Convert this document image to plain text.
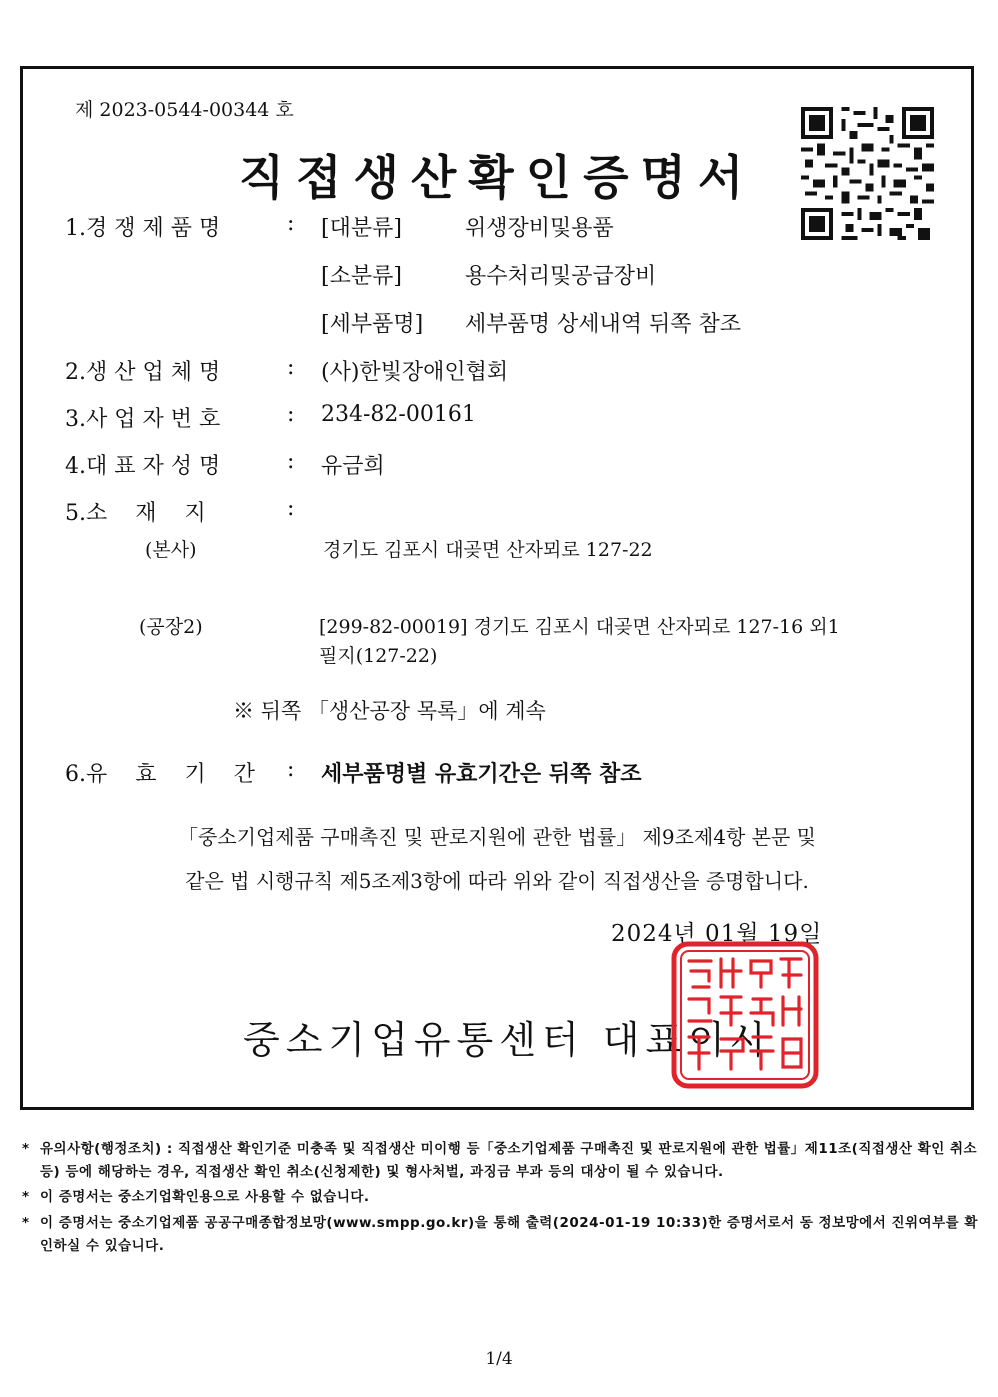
제 2023-0544-00344 호
직접생산확인증명서
1.경 쟁 제 품 명	: [대분류]	위생장비및용품
[소분류]	용수처리및공급장비
[세부품명] 세부품명 상세내역 뒤쪽 참조
2.생 산 업 체 명	: (사)한빛장애인협회
3.사 업 자 번 호	: 234-82-00161
4.대 표 자 성 명	: 유금희
5.소    재    지	:
(본사)	경기도 김포시 대곶면 산자뫼로 127-22
(공장2)	[299-82-00019] 경기도 김포시 대곶면 산자뫼로 127-16 외1
필지(127-22)
※ 뒤쪽 「생산공장 목록」에 계속
6.유    효    기    간 : 세부품명별 유효기간은 뒤쪽 참조
「중소기업제품 구매촉진 및 판로지원에 관한 법률」 제9조제4항 본문 및
같은 법 시행규칙 제5조제3항에 따라 위와 같이 직접생산을 증명합니다.
2024년 01월 19일
중소기업유통센터 대표이사
* 유의사항(행정조치) : 직접생산 확인기준 미충족 및 직접생산 미이행 등「중소기업제품 구매촉진 및 판로지원에 관한 법률」제11조(직접생산 확인 취소 등) 등에 해당하는 경우, 직접생산 확인 취소(신청제한) 및 형사처벌, 과징금 부과 등의 대상이 될 수 있습니다.
* 이 증명서는 중소기업확인용으로 사용할 수 없습니다.
* 이 증명서는 중소기업제품 공공구매종합정보망(www.smpp.go.kr)을 통해 출력(2024-01-19 10:33)한 증명서로서 동 정보망에서 진위여부를 확인하실 수 있습니다.
1/4
